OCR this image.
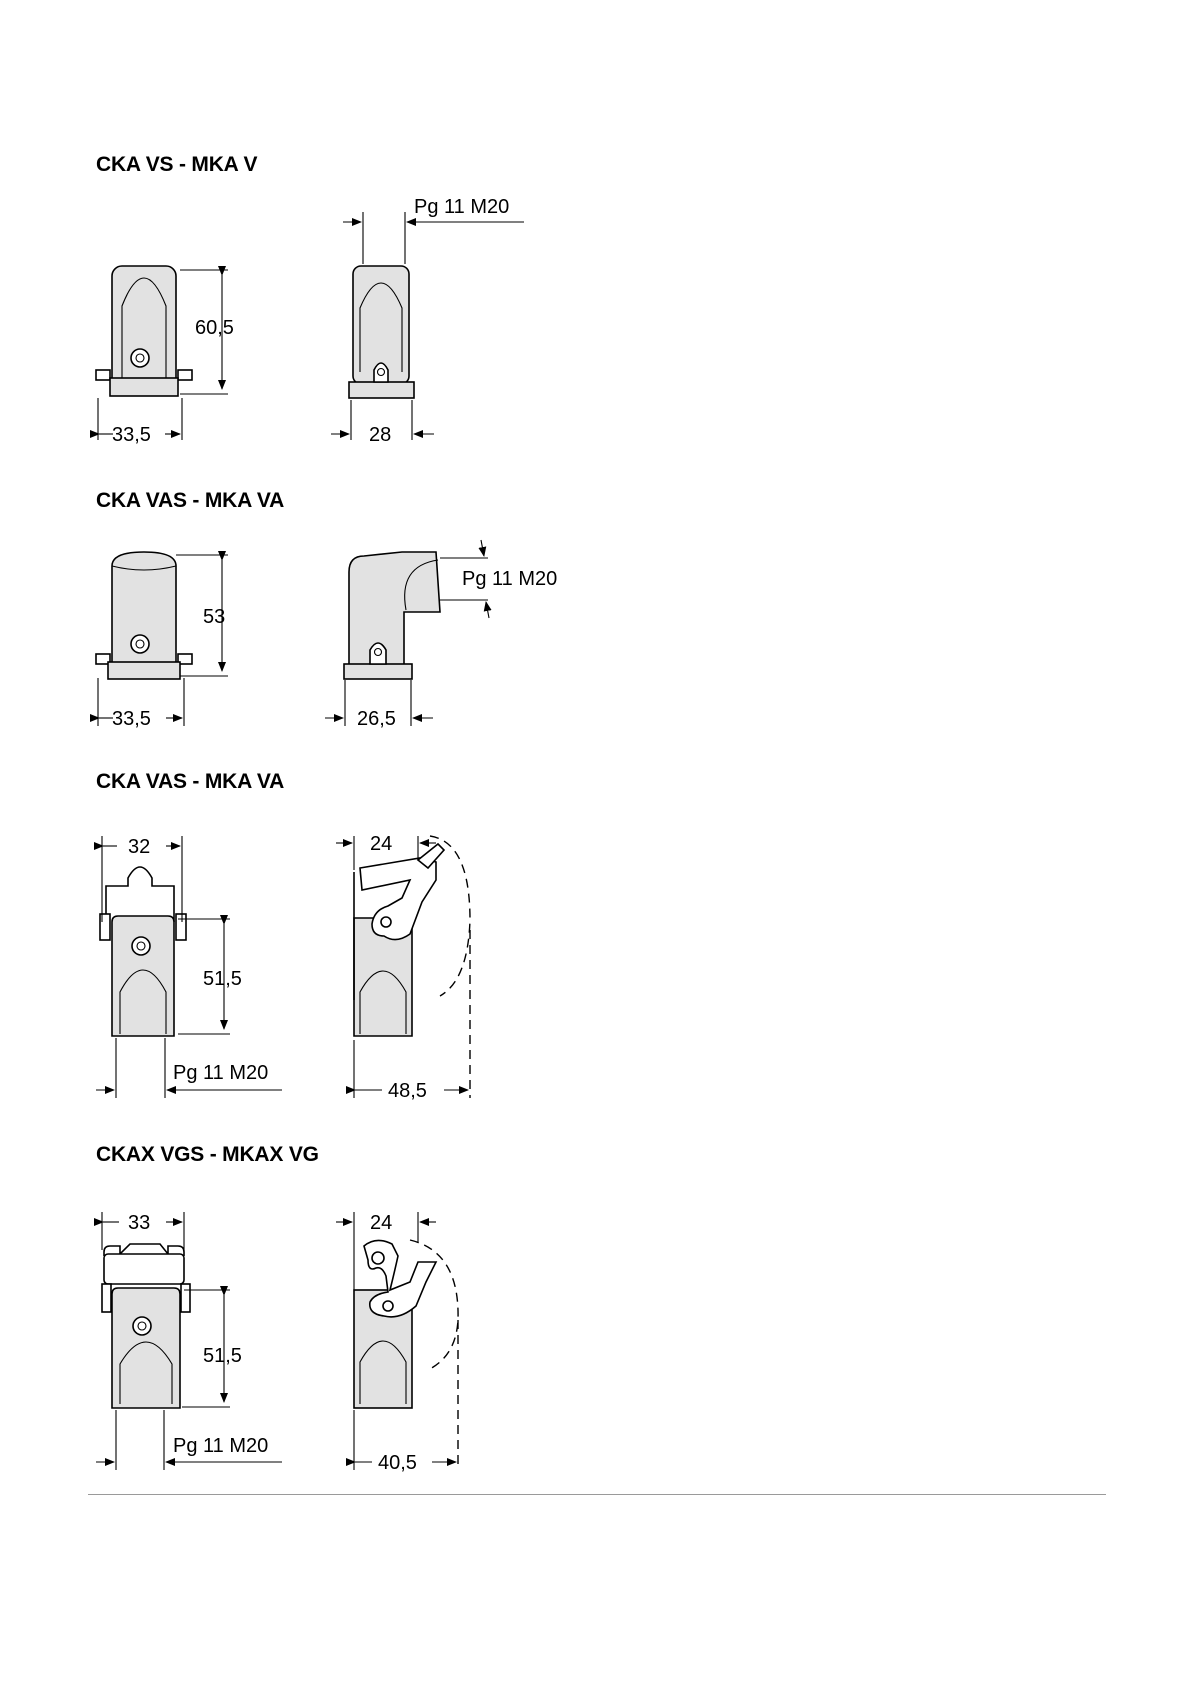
CKA VS - MKA V
60,5
33,5
Pg 11 M20
28
CKA VAS - MKA VA
53
33,5
Pg 11 M20
26,5
CKA VAS - MKA VA
32
51,5
Pg 11 M20
24
48,5
CKAX VGS - MKAX VG
33
51,5
Pg 11 M20
24
40,5
